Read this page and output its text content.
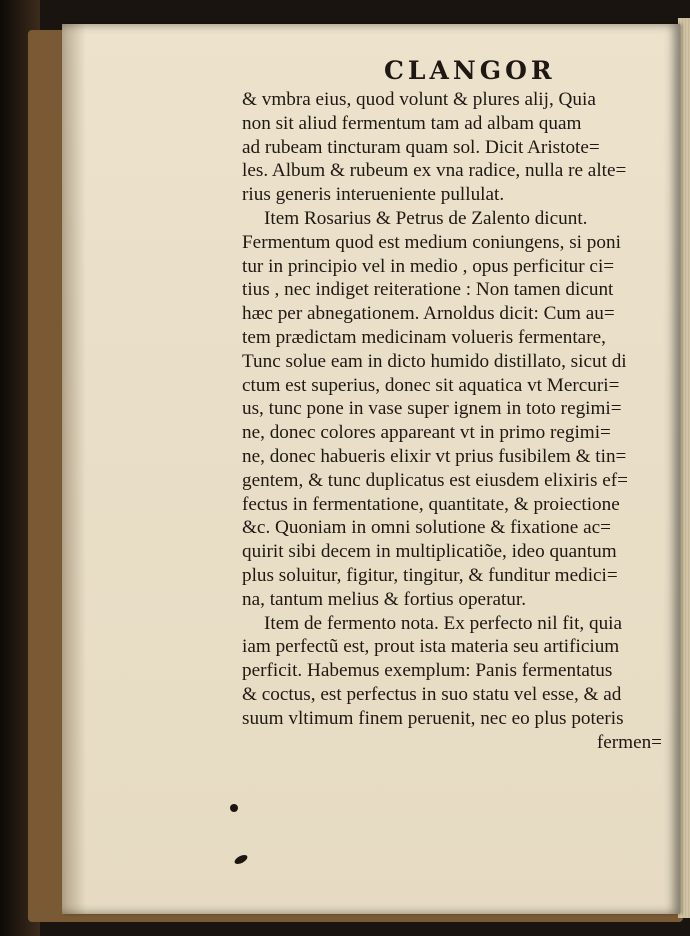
CLANGOR
& vmbra eius, quod volunt & plures alij, Quia
non sit aliud fermentum tam ad albam quam
ad rubeam tincturam quam sol. Dicit Aristote=
les. Album & rubeum ex vna radice, nulla re alte=
rius generis interueniente pullulat.
Item Rosarius & Petrus de Zalento dicunt.
Fermentum quod est medium coniungens, si poni
tur in principio vel in medio , opus perficitur ci=
tius , nec indiget reiteratione : Non tamen dicunt
hæc per abnegationem. Arnoldus dicit: Cum au=
tem prædictam medicinam volueris fermentare,
Tunc solue eam in dicto humido distillato, sicut di
ctum est superius, donec sit aquatica vt Mercuri=
us, tunc pone in vase super ignem in toto regimi=
ne, donec colores appareant vt in primo regimi=
ne, donec habueris elixir vt prius fusibilem & tin=
gentem, & tunc duplicatus est eiusdem elixiris ef=
fectus in fermentatione, quantitate, & proiectione
&c. Quoniam in omni solutione & fixatione ac=
quirit sibi decem in multiplicatiõe, ideo quantum
plus soluitur, figitur, tingitur, & funditur medici=
na, tantum melius & fortius operatur.
Item de fermento nota. Ex perfecto nil fit, quia
iam perfectũ est, prout ista materia seu artificium
perficit. Habemus exemplum: Panis fermentatus
& coctus, est perfectus in suo statu vel esse, & ad
suum vltimum finem peruenit, nec eo plus poteris
fermen=
